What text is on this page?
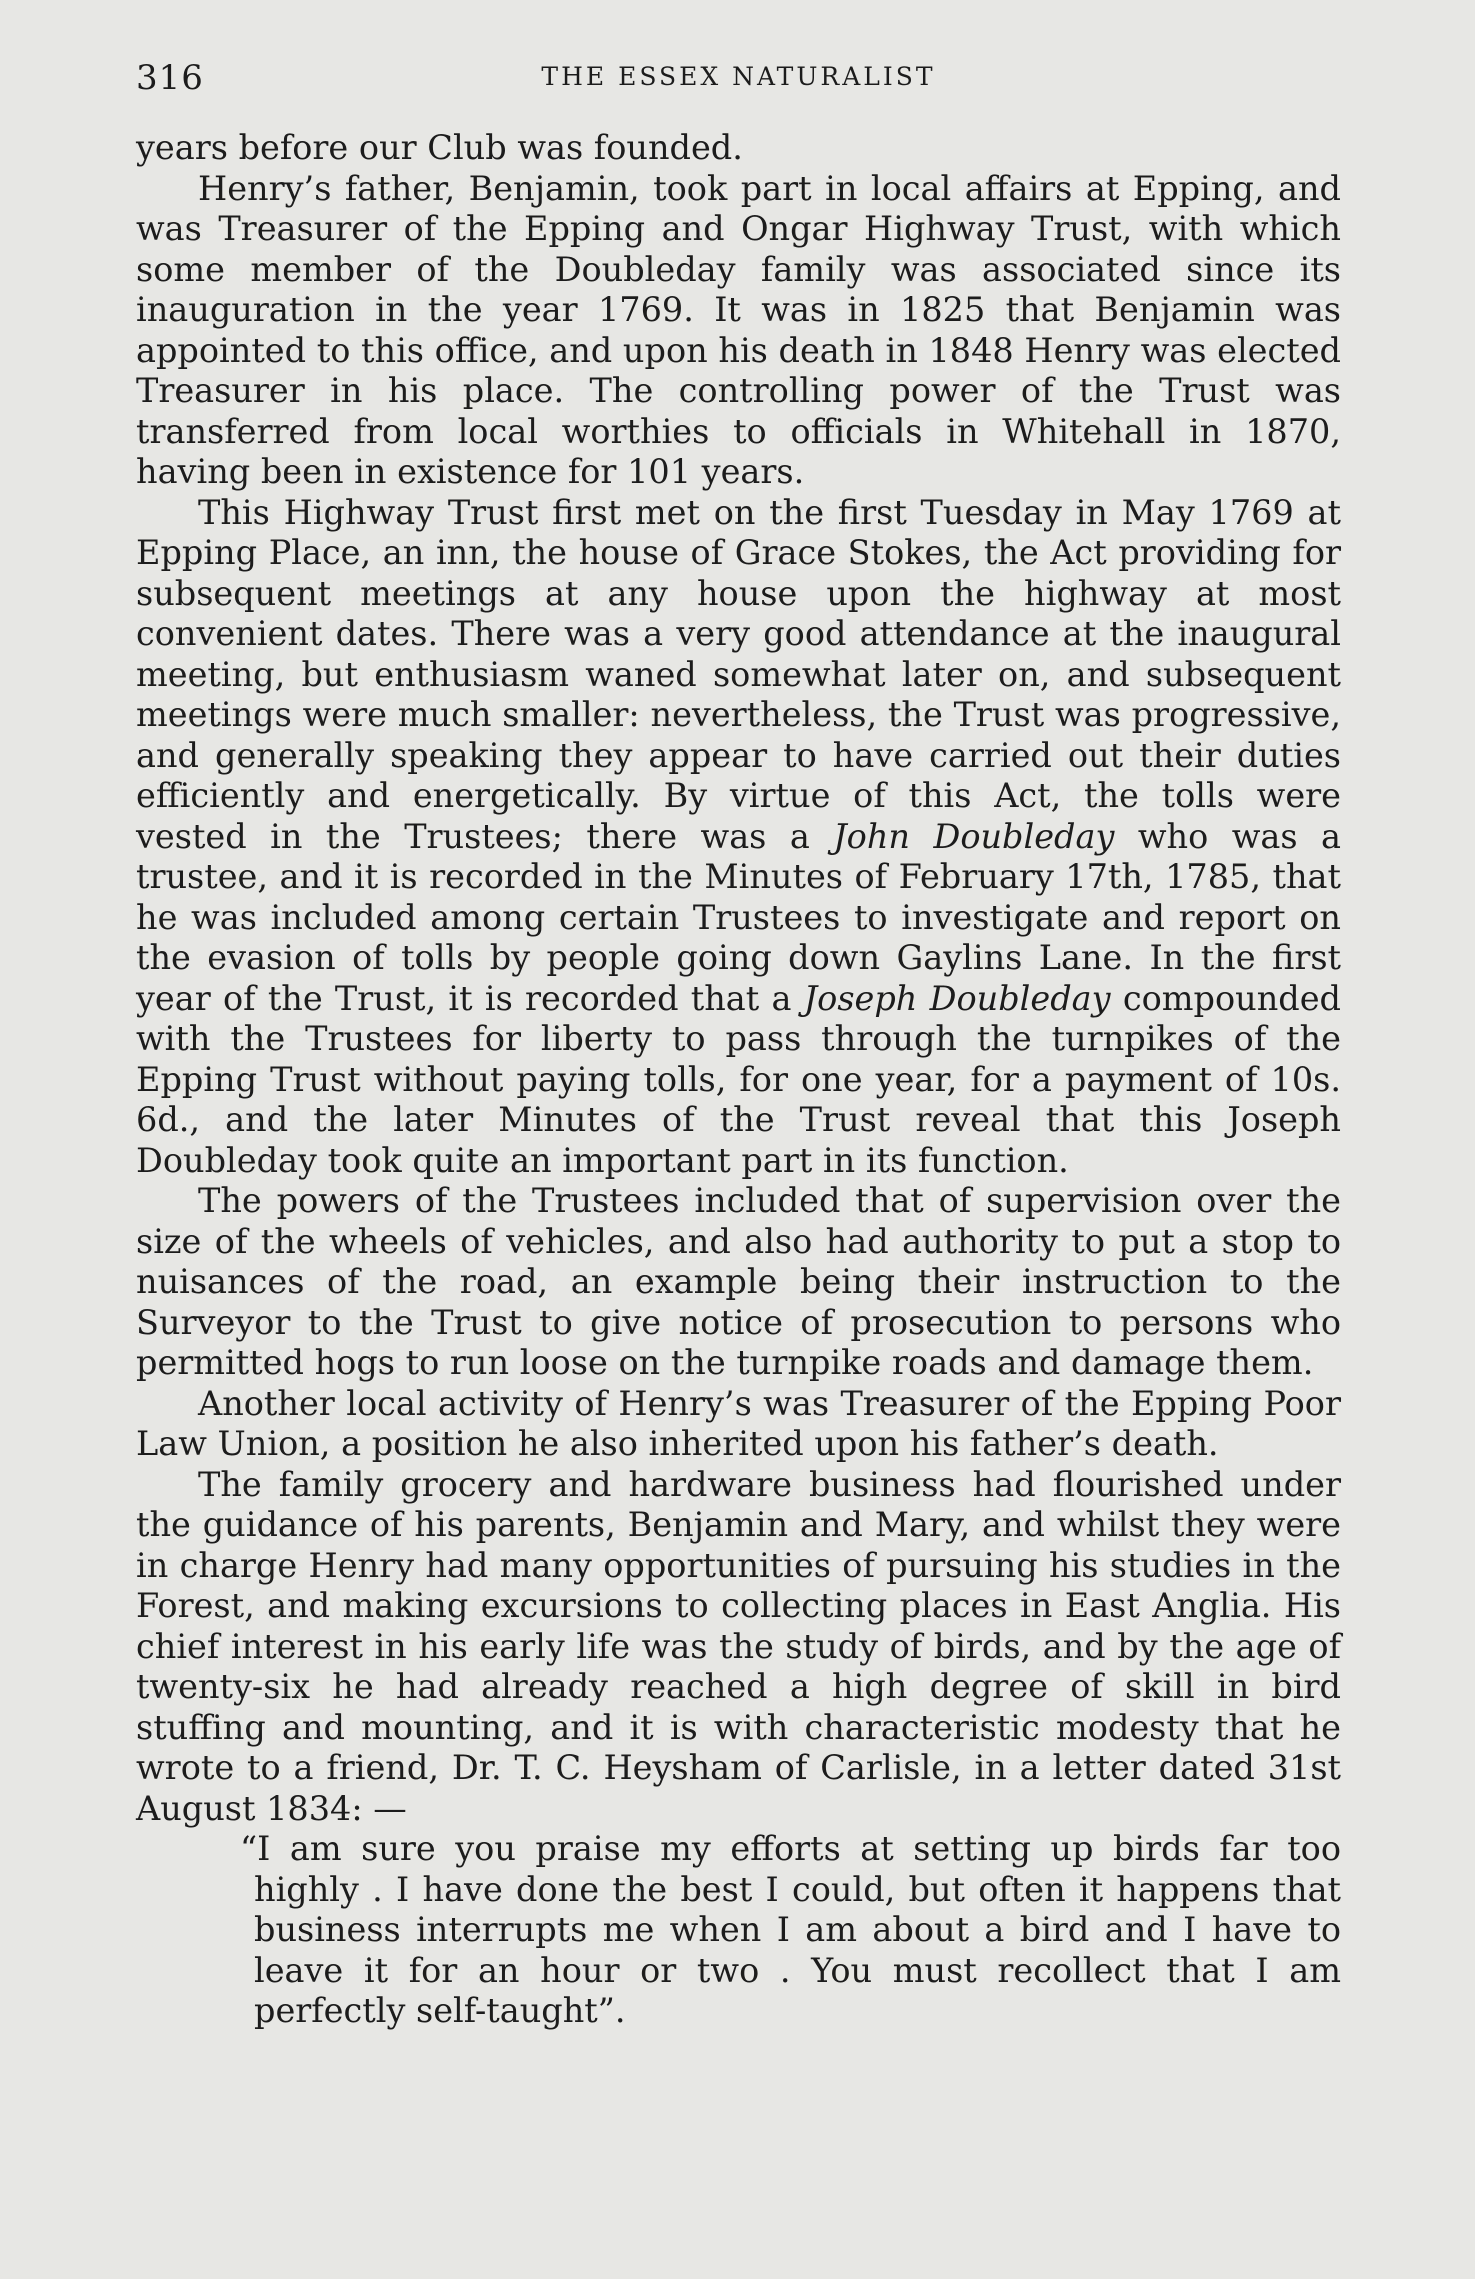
316	THE ESSEX NATURALIST

years before our Club was founded.

Henry’s father, Benjamin, took part in local affairs at Epping, and was Treasurer of the Epping and Ongar Highway Trust, with which some member of the Doubleday family was associated since its inauguration in the year 1769. It was in 1825 that Benjamin was appointed to this office, and upon his death in 1848 Henry was elected Treasurer in his place. The controlling power of the Trust was transferred from local worthies to officials in Whitehall in 1870, having been in existence for 101 years.

This Highway Trust first met on the first Tuesday in May 1769 at Epping Place, an inn, the house of Grace Stokes, the Act providing for subsequent meetings at any house upon the highway at most convenient dates. There was a very good attendance at the inaugural meeting, but enthusiasm waned somewhat later on, and subsequent meetings were much smaller: nevertheless, the Trust was progressive, and generally speaking they appear to have carried out their duties efficiently and energetically. By virtue of this Act, the tolls were vested in the Trustees; there was a John Doubleday who was a trustee, and it is recorded in the Minutes of February 17th, 1785, that he was included among certain Trustees to investigate and report on the evasion of tolls by people going down Gaylins Lane. In the first year of the Trust, it is recorded that a Joseph Doubleday compounded with the Trustees for liberty to pass through the turnpikes of the Epping Trust without paying tolls, for one year, for a payment of 10s. 6d., and the later Minutes of the Trust reveal that this Joseph Doubleday took quite an important part in its function.

The powers of the Trustees included that of supervision over the size of the wheels of vehicles, and also had authority to put a stop to nuisances of the road, an example being their instruction to the Surveyor to the Trust to give notice of prosecution to persons who permitted hogs to run loose on the turnpike roads and damage them.

Another local activity of Henry’s was Treasurer of the Epping Poor Law Union, a position he also inherited upon his father’s death.

The family grocery and hardware business had flourished under the guidance of his parents, Benjamin and Mary, and whilst they were in charge Henry had many opportunities of pursuing his studies in the Forest, and making excursions to collecting places in East Anglia. His chief interest in his early life was the study of birds, and by the age of twenty-six he had already reached a high degree of skill in bird stuffing and mounting, and it is with characteristic modesty that he wrote to a friend, Dr. T. C. Heysham of Carlisle, in a letter dated 31st August 1834: —

“I am sure you praise my efforts at setting up birds far too highly . I have done the best I could, but often it happens that business interrupts me when I am about a bird and I have to leave it for an hour or two . You must recollect that I am perfectly self-taught”.
